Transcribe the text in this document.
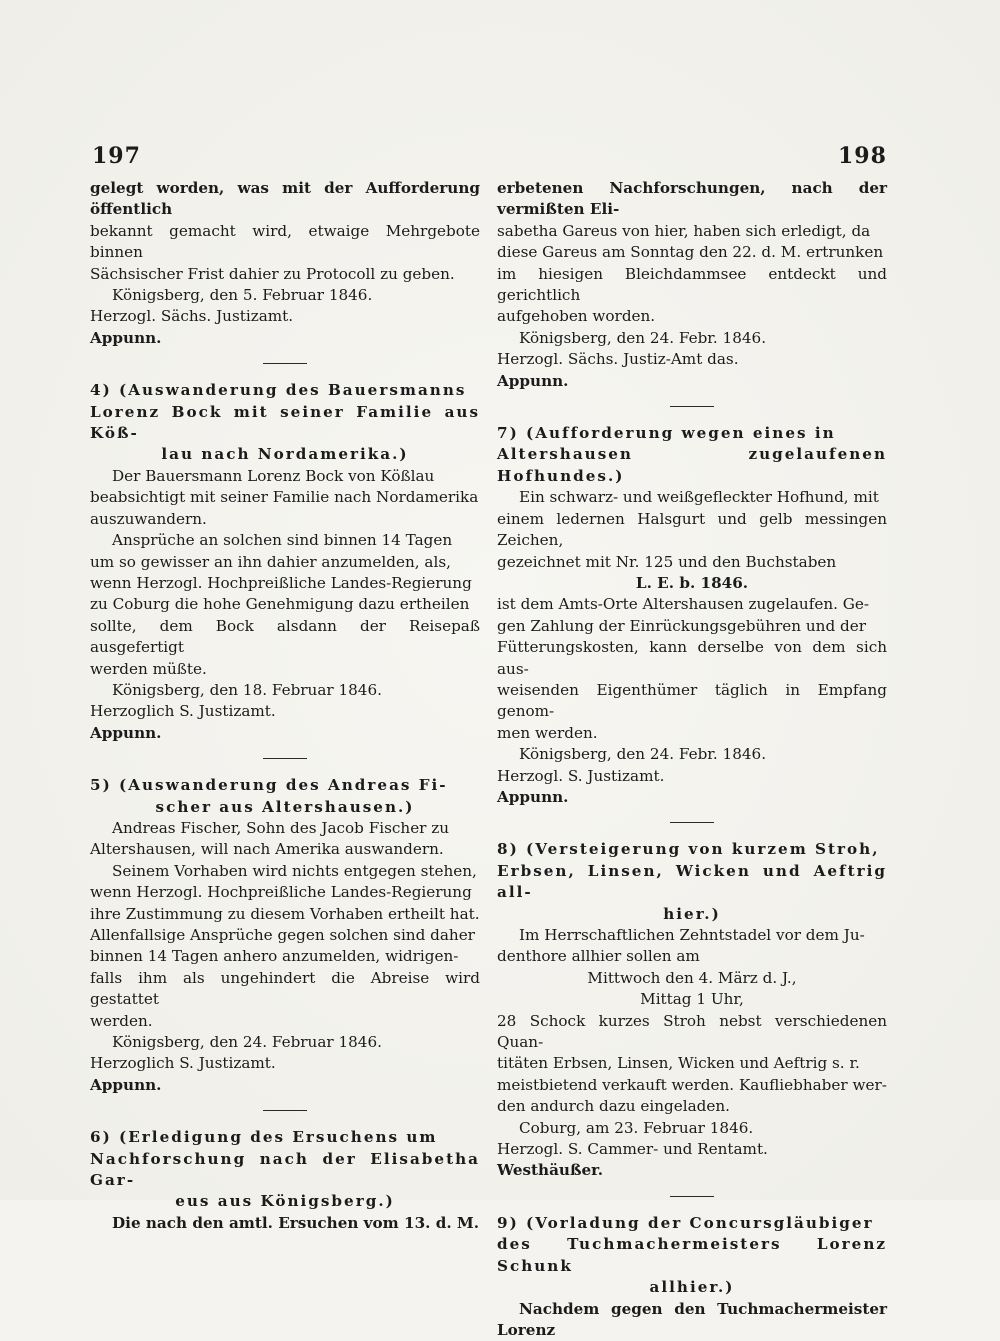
197	198

gelegt worden, was mit der Aufforderung öffentlich

bekannt gemacht wird, etwaige Mehrgebote binnen

Sächsischer Frist dahier zu Protocoll zu geben.

Königsberg, den 5. Februar 1846.

Herzogl. Sächs. Justizamt.

Appunn.

4) (Auswanderung des Bauersmanns
Lorenz Bock mit seiner Familie aus Köß-
lau nach Nordamerika.)

Der Bauersmann Lorenz Bock von Kößlau

beabsichtigt mit seiner Familie nach Nordamerika

auszuwandern.

Ansprüche an solchen sind binnen 14 Tagen

um so gewisser an ihn dahier anzumelden, als,

wenn Herzogl. Hochpreißliche Landes-Regierung

zu Coburg die hohe Genehmigung dazu ertheilen

sollte, dem Bock alsdann der Reisepaß ausgefertigt

werden müßte.

Königsberg, den 18. Februar 1846.

Herzoglich S. Justizamt.

Appunn.

5) (Auswanderung des Andreas Fi-
scher aus Altershausen.)

Andreas Fischer, Sohn des Jacob Fischer zu

Altershausen, will nach Amerika auswandern.

Seinem Vorhaben wird nichts entgegen stehen,

wenn Herzogl. Hochpreißliche Landes-Regierung

ihre Zustimmung zu diesem Vorhaben ertheilt hat.

Allenfallsige Ansprüche gegen solchen sind daher

binnen 14 Tagen anhero anzumelden, widrigen-

falls ihm als ungehindert die Abreise wird gestattet

werden.

Königsberg, den 24. Februar 1846.

Herzoglich S. Justizamt.

Appunn.

6) (Erledigung des Ersuchens um
Nachforschung nach der Elisabetha Gar-
eus aus Königsberg.)

Die nach den amtl. Ersuchen vom 13. d. M.

erbetenen Nachforschungen, nach der vermißten Eli-

sabetha Gareus von hier, haben sich erledigt, da

diese Gareus am Sonntag den 22. d. M. ertrunken

im hiesigen Bleichdammsee entdeckt und gerichtlich

aufgehoben worden.

Königsberg, den 24. Febr. 1846.

Herzogl. Sächs. Justiz-Amt das.

Appunn.

7) (Aufforderung wegen eines in
Altershausen zugelaufenen Hofhundes.)

Ein schwarz- und weißgefleckter Hofhund, mit

einem ledernen Halsgurt und gelb messingen Zeichen,

gezeichnet mit Nr. 125 und den Buchstaben

L. E. b. 1846.

ist dem Amts-Orte Altershausen zugelaufen. Ge-

gen Zahlung der Einrückungsgebühren und der

Fütterungskosten, kann derselbe von dem sich aus-

weisenden Eigenthümer täglich in Empfang genom-

men werden.

Königsberg, den 24. Febr. 1846.

Herzogl. S. Justizamt.

Appunn.

8) (Versteigerung von kurzem Stroh,
Erbsen, Linsen, Wicken und Aeftrig all-
hier.)

Im Herrschaftlichen Zehntstadel vor dem Ju-

denthore allhier sollen am

Mittwoch den 4. März d. J.,

Mittag 1 Uhr,

28 Schock kurzes Stroh nebst verschiedenen Quan-

titäten Erbsen, Linsen, Wicken und Aeftrig s. r.

meistbietend verkauft werden. Kaufliebhaber wer-

den andurch dazu eingeladen.

Coburg, am 23. Februar 1846.

Herzogl. S. Cammer- und Rentamt.

Westhäußer.

9) (Vorladung der Concursgläubiger
des Tuchmachermeisters Lorenz Schunk
allhier.)

Nachdem gegen den Tuchmachermeister Lorenz
